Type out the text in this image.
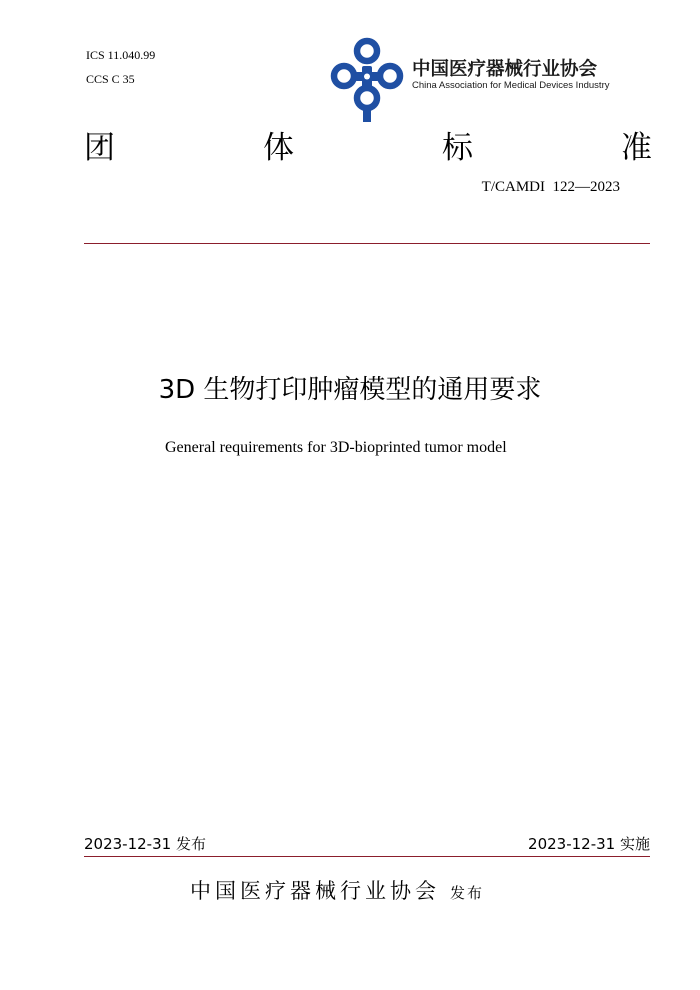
ICS 11.040.99
CCS C 35	中国医疗器械行业协会
China Association for Medical Devices Industry
团	体	标	准
T/CAMDI  122—2023
3D 生物打印肿瘤模型的通用要求
General requirements for 3D-bioprinted tumor model
2023-12-31 发布	2023-12-31 实施
中国医疗器械行业协会 发布
